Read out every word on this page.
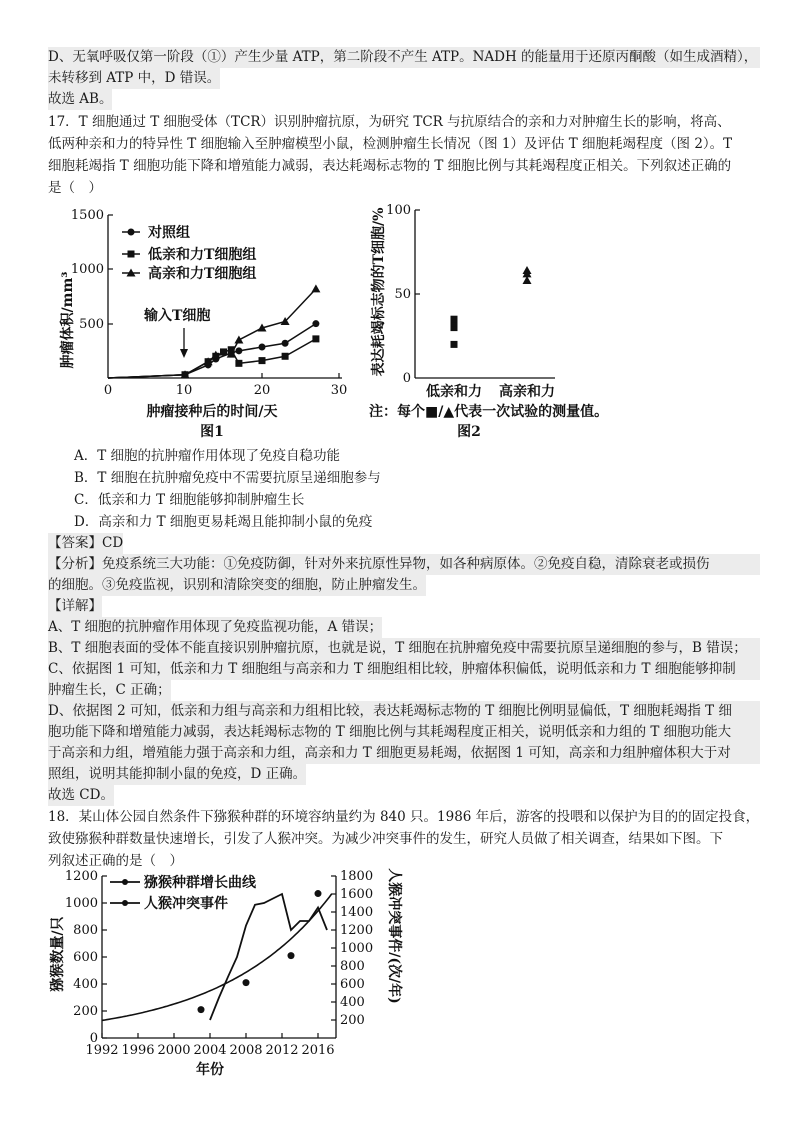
D、无氧呼吸仅第一阶段（①）产生少量 ATP，第二阶段不产生 ATP。NADH 的能量用于还原丙酮酸（如生成酒精），
未转移到 ATP 中，D 错误。
故选 AB。
17．T 细胞通过 T 细胞受体（TCR）识别肿瘤抗原，为研究 TCR 与抗原结合的亲和力对肿瘤生长的影响，将高、
低两种亲和力的特异性 T 细胞输入至肿瘤模型小鼠，检测肿瘤生长情况（图 1）及评估 T 细胞耗竭程度（图 2）。T
细胞耗竭指 T 细胞功能下降和增殖能力减弱，表达耗竭标志物的 T 细胞比例与其耗竭程度正相关。下列叙述正确的
是（　）
肿瘤体积/mm³
1500
1000
500
0	10	20	30
肿瘤接种后的时间/天
图1
对照组
低亲和力T细胞组
高亲和力T细胞组
输入T细胞	表达耗竭标志物的T细胞/% 100
50
0
低亲和力 高亲和力
注：每个■/▲代表一次试验的测量值。
图2
A．T 细胞的抗肿瘤作用体现了免疫自稳功能
B．T 细胞在抗肿瘤免疫中不需要抗原呈递细胞参与
C．低亲和力 T 细胞能够抑制肿瘤生长
D．高亲和力 T 细胞更易耗竭且能抑制小鼠的免疫
【答案】CD
【分析】免疫系统三大功能：①免疫防御，针对外来抗原性异物，如各种病原体。②免疫自稳，清除衰老或损伤
的细胞。③免疫监视，识别和清除突变的细胞，防止肿瘤发生。
【详解】
A、T 细胞的抗肿瘤作用体现了免疫监视功能，A 错误；
B、T 细胞表面的受体不能直接识别肿瘤抗原，也就是说，T 细胞在抗肿瘤免疫中需要抗原呈递细胞的参与，B 错误；
C、依据图 1 可知，低亲和力 T 细胞组与高亲和力 T 细胞组相比较，肿瘤体积偏低，说明低亲和力 T 细胞能够抑制
肿瘤生长，C 正确；
D、依据图 2 可知，低亲和力组与高亲和力组相比较，表达耗竭标志物的 T 细胞比例明显偏低，T 细胞耗竭指 T 细
胞功能下降和增殖能力减弱，表达耗竭标志物的 T 细胞比例与其耗竭程度正相关，说明低亲和力组的 T 细胞功能大
于高亲和力组，增殖能力强于高亲和力组，高亲和力 T 细胞更易耗竭，依据图 1 可知，高亲和力组肿瘤体积大于对
照组，说明其能抑制小鼠的免疫，D 正确。
故选 CD。
18．某山体公园自然条件下猕猴种群的环境容纳量约为 840 只。1986 年后，游客的投喂和以保护为目的的固定投食，
致使猕猴种群数量快速增长，引发了人猴冲突。为减少冲突事件的发生，研究人员做了相关调查，结果如下图。下
列叙述正确的是（　）
猕猴数量/只	人猴冲突事件/(次/年)
1200
1000
800
600
400
200
0
1800
1600
1400
1200
1000
800
600
400
200
1992 1996 2000 2004 2008 2012 2016
年份
猕猴种群增长曲线
人猴冲突事件
